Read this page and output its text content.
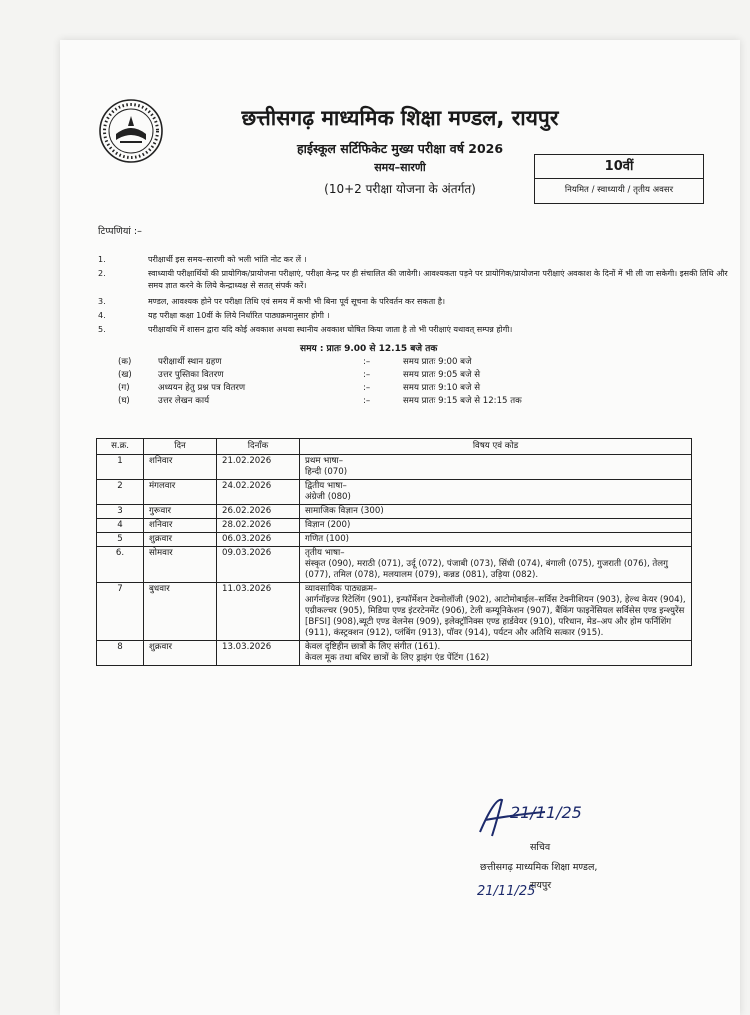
छत्तीसगढ़ माध्यमिक शिक्षा मण्डल, रायपुर
हाईस्कूल सर्टिफिकेट मुख्य परीक्षा वर्ष 2026
समय–सारणी
(10+2 परीक्षा योजना के अंतर्गत)
10वीं
नियमित / स्वाध्यायी / तृतीय अवसर
टिप्पणियां :–
1.	परीक्षार्थी इस समय–सारणी को भली भांति नोट कर लें ।
2.	स्वाध्यायी परीक्षार्थियों की प्रायोगिक/प्रायोजना परीक्षाएं, परीक्षा केन्द्र पर ही संचालित की जावेगी। आवश्यकता पड़ने पर प्रायोगिक/प्रायोजना परीक्षाएं अवकाश के दिनों में भी ली जा सकेगी। इसकी तिथि और समय ज्ञात करने के लिये केन्द्राध्यक्ष से सतत् संपर्क करें।
3.	मण्डल, आवश्यक होने पर परीक्षा तिथि एवं समय में कभी भी बिना पूर्व सूचना के परिवर्तन कर सकता है।
4.	यह परीक्षा कक्षा 10वीं के लिये निर्धारित पाठ्यक्रमानुसार होगी ।
5.	परीक्षावधि में शासन द्वारा यदि कोई अवकाश अथवा स्थानीय अवकाश घोषित किया जाता है तो भी परीक्षाएं यथावत् सम्पन्न होगी।
समय : प्रातः 9.00 से 12.15 बजे तक
(क)	परीक्षार्थी स्थान ग्रहण	:–	समय प्रातः 9:00 बजे
(ख)	उत्तर पुस्तिका वितरण	:–	समय प्रातः 9:05 बजे से
(ग)	अध्ययन हेतु प्रश्न पत्र वितरण	:–	समय प्रातः 9:10 बजे से
(घ)	उत्तर लेखन कार्य	:–	समय प्रातः 9:15 बजे से 12:15 तक
स.क्र.	दिन	दिनाँक	विषय एवं कोड
1	शनिवार	21.02.2026	प्रथम भाषा–
हिन्दी (070)
2	मंगलवार	24.02.2026	द्वितीय भाषा–
अंग्रेजी (080)
3	गुरूवार	26.02.2026	सामाजिक विज्ञान (300)
4	शनिवार	28.02.2026	विज्ञान (200)
5	शुक्रवार	06.03.2026	गणित (100)
6.	सोमवार	09.03.2026	तृतीय भाषा–
संस्कृत (090), मराठी (071), उर्दू (072), पंजाबी (073), सिंधी (074), बंगाली (075), गुजराती (076), तेलगु (077), तमिल (078), मलयालम (079), कन्नड (081), उड़िया (082).
7	बुधवार	11.03.2026	व्यावसायिक पाठ्यक्रम–
आर्गनॉइज्ड रिटेलिंग (901), इन्फॉर्मेशन टेक्नोलॉजी (902), आटोमोबाईल–सर्विस टेक्नीशियन (903), हेल्थ केयर (904), एग्रीकल्चर (905), मिडिया एण्ड इंटरटेनमेंट (906), टेली कम्यूनिकेशन (907), बैंकिंग फाइनेंसियल सर्विसेस एण्ड इन्श्युरेंस [BFSI] (908),ब्यूटी एण्ड वेलनेस (909), इलेक्ट्रॉनिक्स एण्ड हार्डवेयर (910), परिधान, मेड–अप और होम फर्निशिंग (911), कंस्ट्रक्शन (912), प्लंबिंग (913), पॉवर (914), पर्यटन और अतिथि सत्कार (915).
8	शुक्रवार	13.03.2026	केवल दृष्टिहीन छात्रों के लिए संगीत (161).
केवल मूक तथा बधिर छात्रों के लिए ड्राइंग एंड पेंटिंग (162)
21/11/25
सचिव
छत्तीसगढ़ माध्यमिक शिक्षा मण्डल,
21/11/25
रायपुर
